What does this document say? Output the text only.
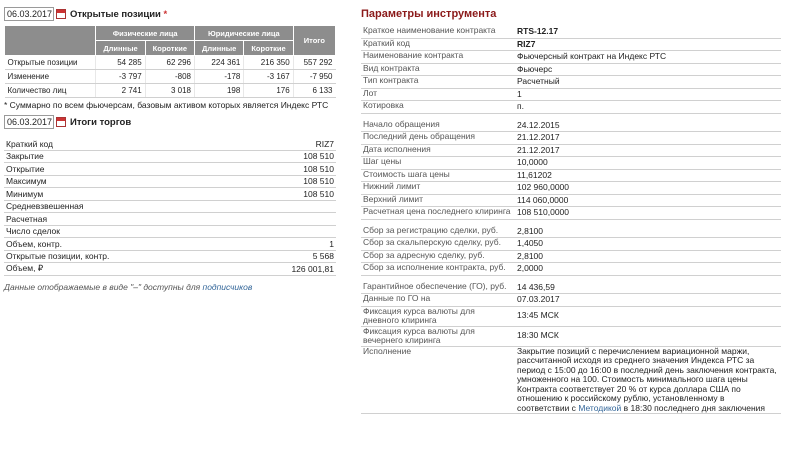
06.03.2017 Открытые позиции *
	Физические лица		Юридические лица		Итого
	Длинные	Короткие	Длинные	Короткие	
Открытые позиции	54 285	62 296	224 361	216 350	557 292
Изменение	-3 797	-808	-178	-3 167	-7 950
Количество лиц	2 741	3 018	198	176	6 133
* Суммарно по всем фьючерсам, базовым активом которых является Индекс РТС
06.03.2017 Итоги торгов
Краткий код	RIZ7
Закрытие	108 510
Открытие	108 510
Максимум	108 510
Минимум	108 510
Средневзвешенная	
Расчетная	
Число сделок	
Объем, контр.	1
Открытые позиции, контр.	5 568
Объем, ₽	126 001,81
Данные отображаемые в виде "–" доступны для подписчиков
Параметры инструмента
Краткое наименование контракта	RTS-12.17
Краткий код	RIZ7
Наименование контракта	Фьючерсный контракт на Индекс РТС
Вид контракта	Фьючерс
Тип контракта	Расчетный
Лот	1
Котировка	п.

Начало обращения	24.12.2015
Последний день обращения	21.12.2017
Дата исполнения	21.12.2017
Шаг цены	10,0000
Стоимость шага цены	11,61202
Нижний лимит	102 960,0000
Верхний лимит	114 060,0000
Расчетная цена последнего клиринга	108 510,0000

Сбор за регистрацию сделки, руб.	2,8100
Сбор за скальперскую сделку, руб.	1,4050
Сбор за адресную сделку, руб.	2,8100
Сбор за исполнение контракта, руб.	2,0000

Гарантийное обеспечение (ГО), руб.	14 436,59
Данные по ГО на	07.03.2017
Фиксация курса валюты для дневного клиринга	13:45 МСК
Фиксация курса валюты для вечернего клиринга	18:30 МСК
Исполнение	Закрытие позиций с перечислением вариационной маржи, рассчитанной исходя из среднего значения Индекса РТС за период с 15:00 до 16:00 в последний день заключения контракта, умноженного на 100. Стоимость минимального шага цены Контракта соответствует 20 % от курса доллара США по отношению к российскому рублю, установленному в соответствии с Методикой в 18:30 последнего дня заключения
